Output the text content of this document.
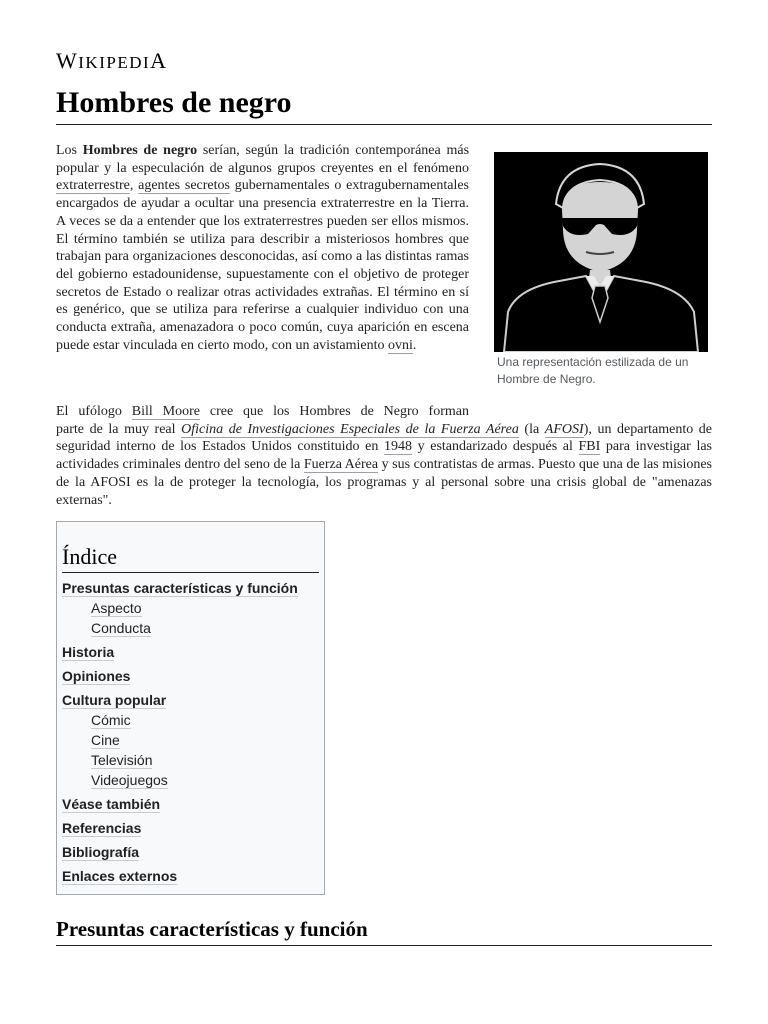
WIKIPEDIA
Hombres de negro

Los Hombres de negro serían, según la tradición contemporánea más popular y la especulación de algunos grupos creyentes en el fenómeno extraterrestre, agentes secretos gubernamentales o extragubernamentales encargados de ayudar a ocultar una presencia extraterrestre en la Tierra. A veces se da a entender que los extraterrestres pueden ser ellos mismos. El término también se utiliza para describir a misteriosos hombres que trabajan para organizaciones desconocidas, así como a las distintas ramas del gobierno estadounidense, supuestamente con el objetivo de proteger secretos de Estado o realizar otras actividades extrañas. El término en sí es genérico, que se utiliza para referirse a cualquier individuo con una conducta extraña, amenazadora o poco común, cuya aparición en escena puede estar vinculada en cierto modo, con un avistamiento ovni.

Una representación estilizada de un Hombre de Negro.

El ufólogo Bill Moore cree que los Hombres de Negro forman
parte de la muy real Oficina de Investigaciones Especiales de la Fuerza Aérea (la AFOSI), un departamento de seguridad interno de los Estados Unidos constituido en 1948 y estandarizado después al FBI para investigar las actividades criminales dentro del seno de la Fuerza Aérea y sus contratistas de armas. Puesto que una de las misiones de la AFOSI es la de proteger la tecnología, los programas y al personal sobre una crisis global de "amenazas externas".

Índice
Presuntas características y función
Aspecto
Conducta
Historia
Opiniones
Cultura popular
Cómic
Cine
Televisión
Videojuegos
Véase también
Referencias
Bibliografía
Enlaces externos
Presuntas características y función
